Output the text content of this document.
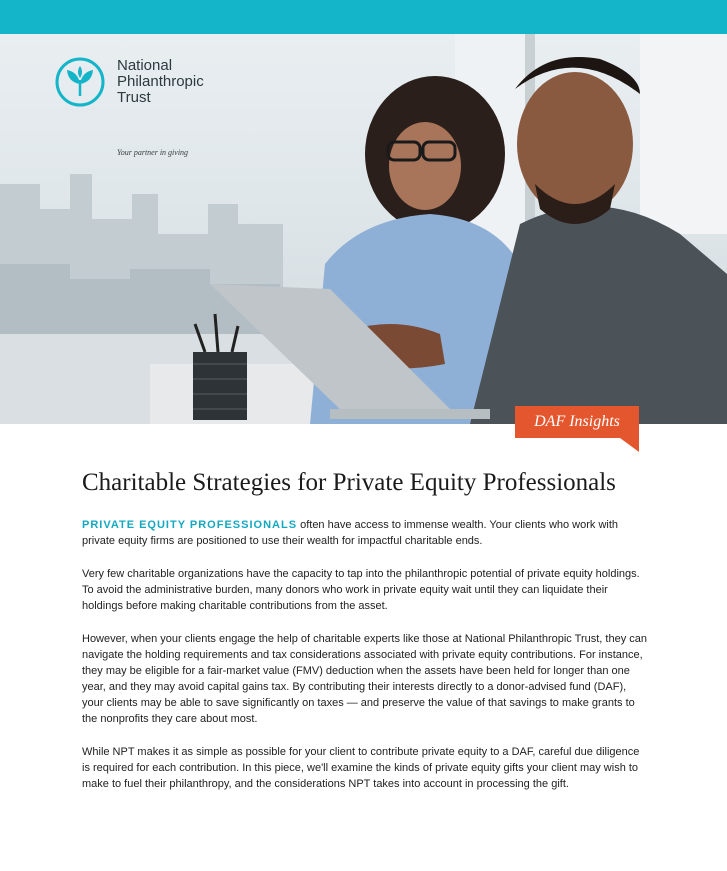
National
Philanthropic
Trust
Your partner in giving
DAF Insights
Charitable Strategies for Private Equity Professionals

PRIVATE EQUITY PROFESSIONALS often have access to immense wealth. Your clients who work with private equity firms are positioned to use their wealth for impactful charitable ends.

Very few charitable organizations have the capacity to tap into the philanthropic potential of private equity holdings. To avoid the administrative burden, many donors who work in private equity wait until they can liquidate their holdings before making charitable contributions from the asset.

However, when your clients engage the help of charitable experts like those at National Philanthropic Trust, they can navigate the holding requirements and tax considerations associated with private equity contributions. For instance, they may be eligible for a fair-market value (FMV) deduction when the assets have been held for longer than one year, and they may avoid capital gains tax. By contributing their interests directly to a donor-advised fund (DAF), your clients may be able to save significantly on taxes — and preserve the value of that savings to make grants to the nonprofits they care about most.

While NPT makes it as simple as possible for your client to contribute private equity to a DAF, careful due diligence is required for each contribution. In this piece, we'll examine the kinds of private equity gifts your client may wish to make to fuel their philanthropy, and the considerations NPT takes into account in processing the gift.
